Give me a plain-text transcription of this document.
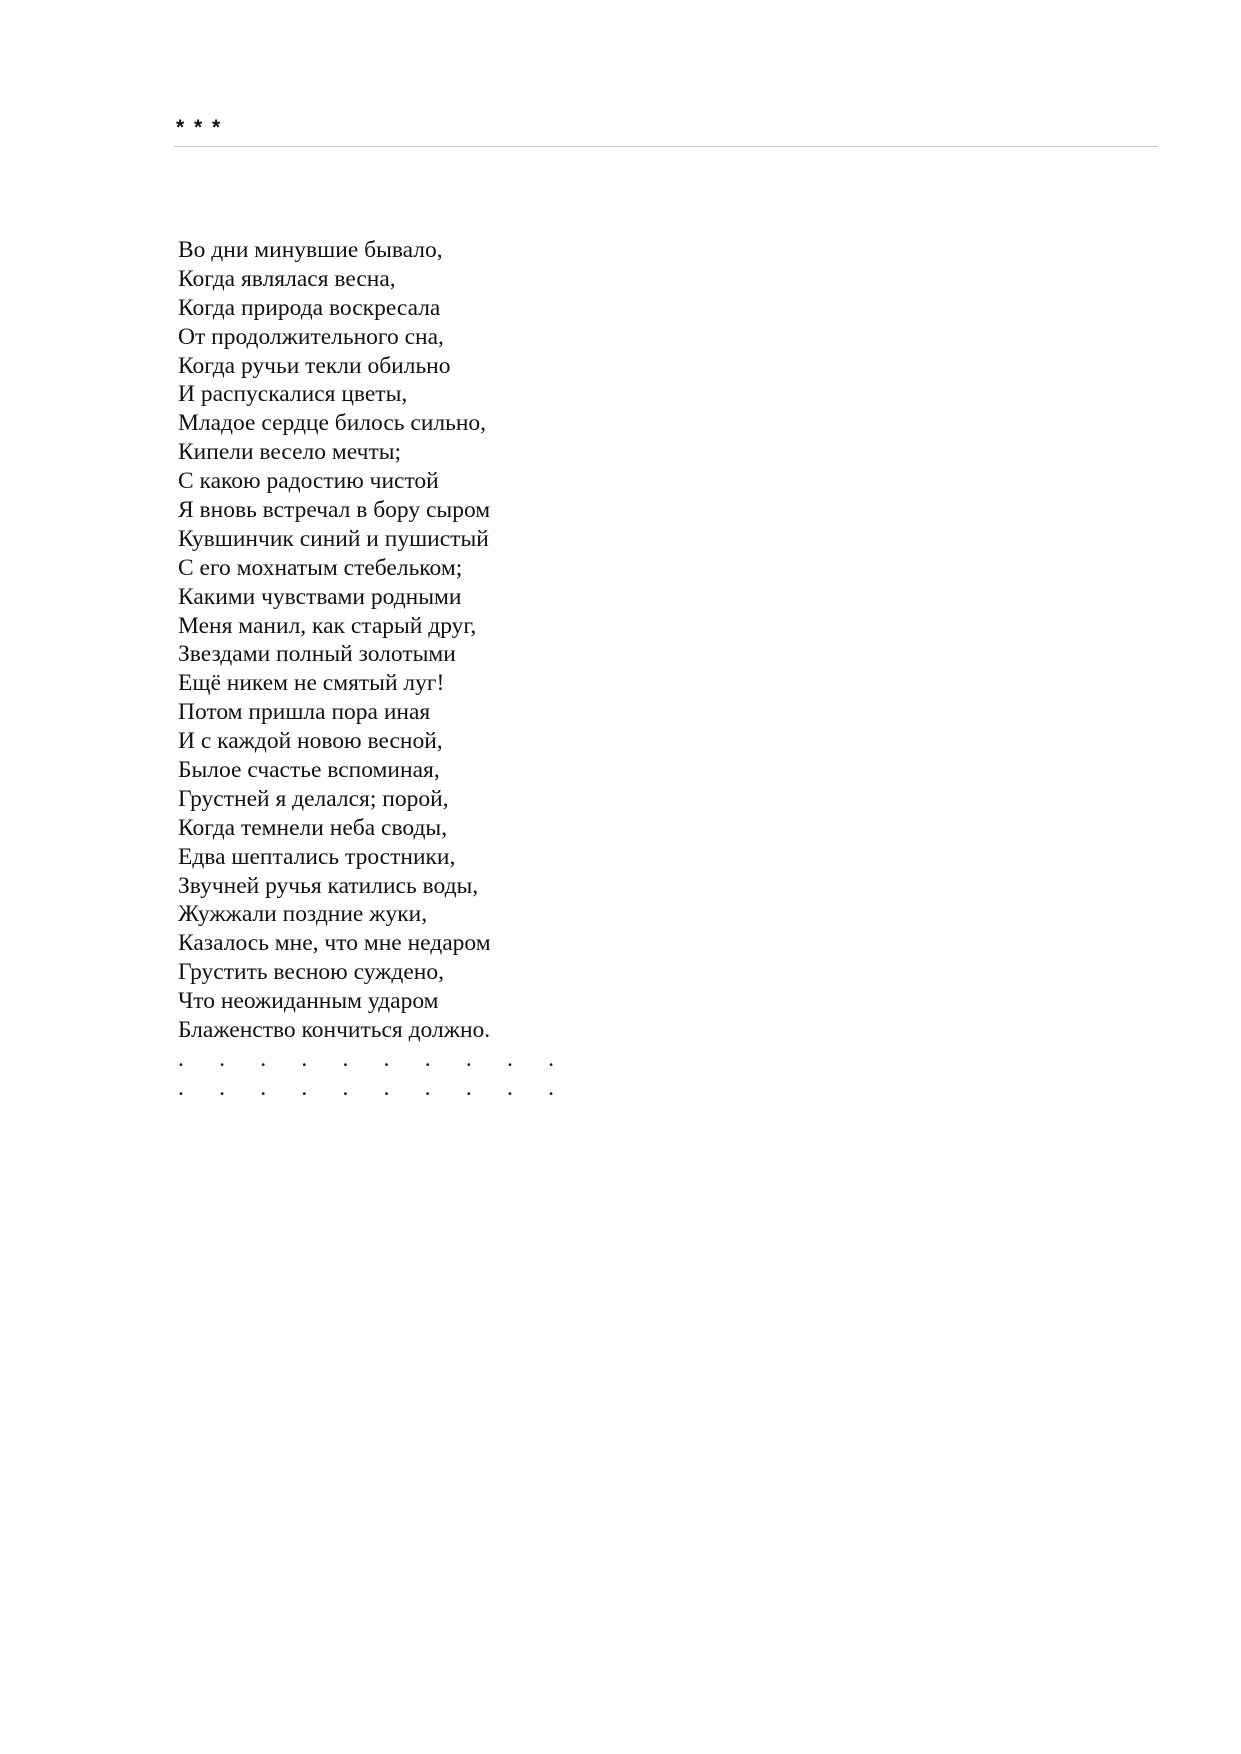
* * *
Во дни минувшие бывало,
Когда являлася весна,
Когда природа воскресала
От продолжительного сна,
Когда ручьи текли обильно
И распускалися цветы,
Младое сердце билось сильно,
Кипели весело мечты;
С какою радостию чистой
Я вновь встречал в бору сыром
Кувшинчик синий и пушистый
С его мохнатым стебельком;
Какими чувствами родными
Меня манил, как старый друг,
Звездами полный золотыми
Ещё никем не смятый луг!
Потом пришла пора иная
И с каждой новою весной,
Былое счастье вспоминая,
Грустней я делался; порой,
Когда темнели неба своды,
Едва шептались тростники,
Звучней ручья катились воды,
Жужжали поздние жуки,
Казалось мне, что мне недаром
Грустить весною суждено,
Что неожиданным ударом
Блаженство кончиться должно.
.      .      .      .      .      .      .      .      .      .
.      .      .      .      .      .      .      .      .      .
